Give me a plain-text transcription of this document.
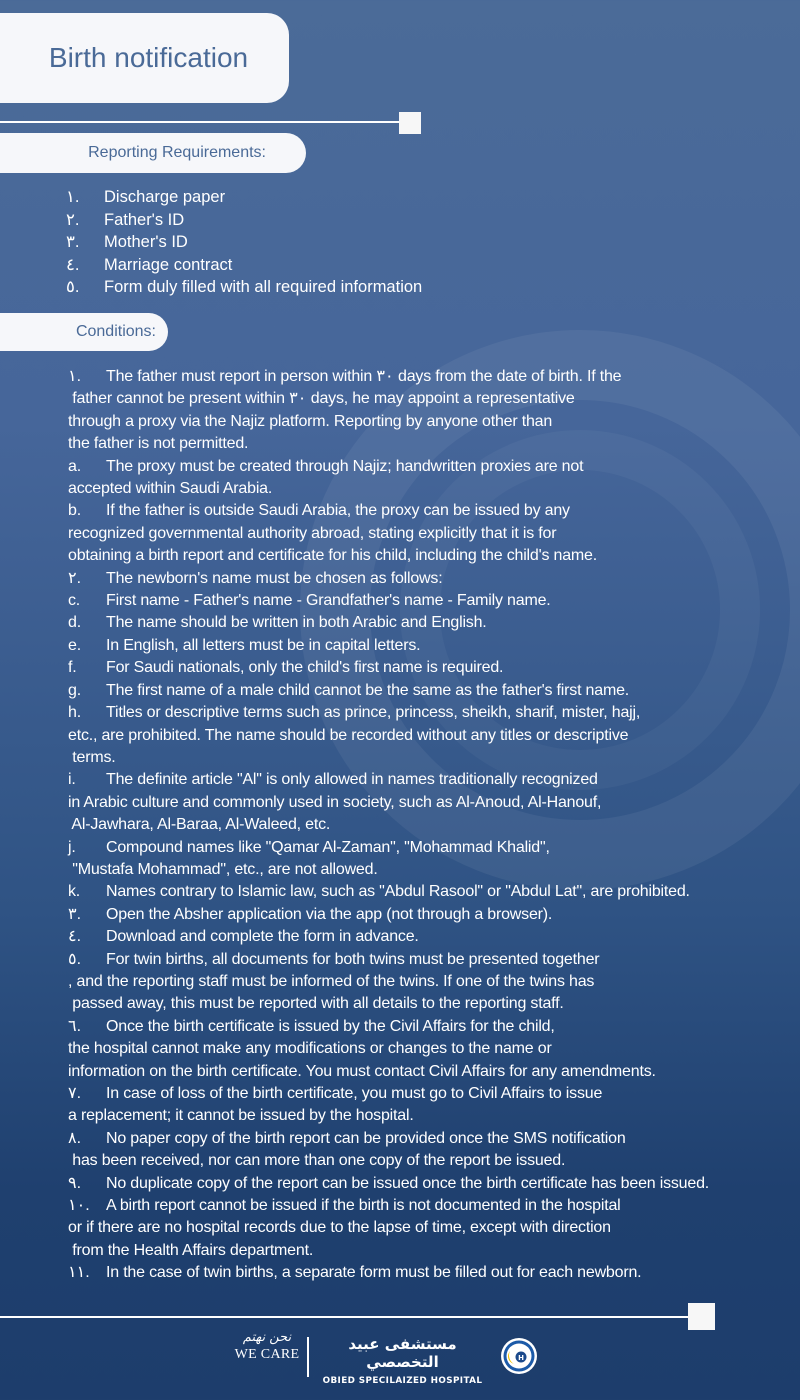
Birth notification
Reporting Requirements:
١.	Discharge paper
٢.	Father's ID
٣.	Mother's ID
٤.	Marriage contract
٥.	Form duly filled with all required information
Conditions:
١. The father must report in person within ٣٠ days from the date of birth. If the
father cannot be present within ٣٠ days, he may appoint a representative
through a proxy via the Najiz platform. Reporting by anyone other than
the father is not permitted.
a. The proxy must be created through Najiz; handwritten proxies are not
accepted within Saudi Arabia.
b. If the father is outside Saudi Arabia, the proxy can be issued by any
recognized governmental authority abroad, stating explicitly that it is for
obtaining a birth report and certificate for his child, including the child's name.
٢. The newborn's name must be chosen as follows:
c. First name - Father's name - Grandfather's name - Family name.
d. The name should be written in both Arabic and English.
e. In English, all letters must be in capital letters.
f. For Saudi nationals, only the child's first name is required.
g. The first name of a male child cannot be the same as the father's first name.
h. Titles or descriptive terms such as prince, princess, sheikh, sharif, mister, hajj,
etc., are prohibited. The name should be recorded without any titles or descriptive
terms.
i. The definite article "Al" is only allowed in names traditionally recognized
in Arabic culture and commonly used in society, such as Al-Anoud, Al-Hanouf,
Al-Jawhara, Al-Baraa, Al-Waleed, etc.
j. Compound names like "Qamar Al-Zaman", "Mohammad Khalid",
"Mustafa Mohammad", etc., are not allowed.
k. Names contrary to Islamic law, such as "Abdul Rasool" or "Abdul Lat", are prohibited.
٣. Open the Absher application via the app (not through a browser).
٤. Download and complete the form in advance.
٥. For twin births, all documents for both twins must be presented together
, and the reporting staff must be informed of the twins. If one of the twins has
passed away, this must be reported with all details to the reporting staff.
٦. Once the birth certificate is issued by the Civil Affairs for the child,
the hospital cannot make any modifications or changes to the name or
information on the birth certificate. You must contact Civil Affairs for any amendments.
٧. In case of loss of the birth certificate, you must go to Civil Affairs to issue
a replacement; it cannot be issued by the hospital.
٨. No paper copy of the birth report can be provided once the SMS notification
has been received, nor can more than one copy of the report be issued.
٩. No duplicate copy of the report can be issued once the birth certificate has been issued.
١٠. A birth report cannot be issued if the birth is not documented in the hospital
or if there are no hospital records due to the lapse of time, except with direction
from the Health Affairs department.
١١. In the case of twin births, a separate form must be filled out for each newborn.
نحن نهتم
WE CARE
مستشفى عبيد التخصصي
OBIED SPECILAIZED HOSPITAL
H
